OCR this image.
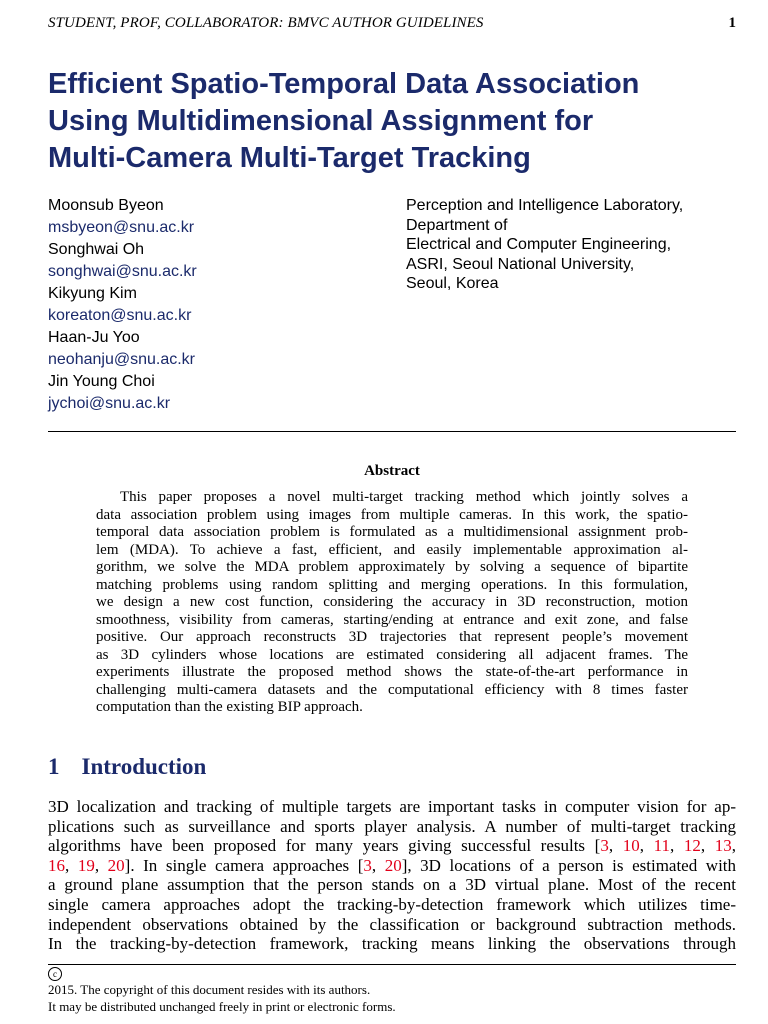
STUDENT, PROF, COLLABORATOR: BMVC AUTHOR GUIDELINES	1
Efficient Spatio-Temporal Data Association
Using Multidimensional Assignment for
Multi-Camera Multi-Target Tracking
Moonsub Byeon
msbyeon@snu.ac.kr
Songhwai Oh
songhwai@snu.ac.kr
Kikyung Kim
koreaton@snu.ac.kr
Haan-Ju Yoo
neohanju@snu.ac.kr
Jin Young Choi
jychoi@snu.ac.kr
Perception and Intelligence Laboratory,
Department of
Electrical and Computer Engineering,
ASRI, Seoul National University,
Seoul, Korea
Abstract
This paper proposes a novel multi-target tracking method which jointly solves a
data association problem using images from multiple cameras. In this work, the spatio-
temporal data association problem is formulated as a multidimensional assignment prob-
lem (MDA). To achieve a fast, efficient, and easily implementable approximation al-
gorithm, we solve the MDA problem approximately by solving a sequence of bipartite
matching problems using random splitting and merging operations. In this formulation,
we design a new cost function, considering the accuracy in 3D reconstruction, motion
smoothness, visibility from cameras, starting/ending at entrance and exit zone, and false
positive. Our approach reconstructs 3D trajectories that represent people’s movement
as 3D cylinders whose locations are estimated considering all adjacent frames. The
experiments illustrate the proposed method shows the state-of-the-art performance in
challenging multi-camera datasets and the computational efficiency with 8 times faster
computation than the existing BIP approach.
1 Introduction
3D localization and tracking of multiple targets are important tasks in computer vision for ap-
plications such as surveillance and sports player analysis. A number of multi-target tracking
algorithms have been proposed for many years giving successful results [3, 10, 11, 12, 13,
16, 19, 20]. In single camera approaches [3, 20], 3D locations of a person is estimated with
a ground plane assumption that the person stands on a 3D virtual plane. Most of the recent
single camera approaches adopt the tracking-by-detection framework which utilizes time-
independent observations obtained by the classification or background subtraction methods.
In the tracking-by-detection framework, tracking means linking the observations through
c
2015. The copyright of this document resides with its authors.
It may be distributed unchanged freely in print or electronic forms.
